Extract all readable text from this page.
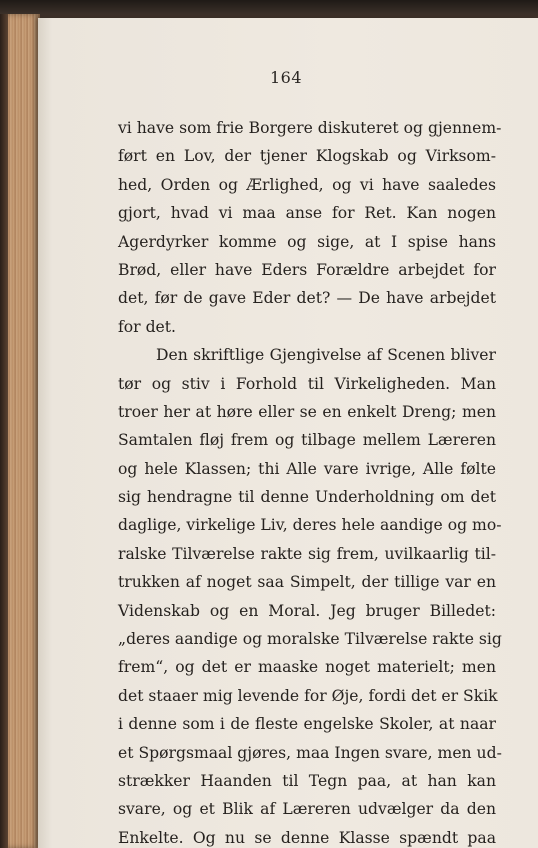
164
vi have som frie Borgere diskuteret og gjennem-
ført en Lov, der tjener Klogskab og Virksom-
hed, Orden og Ærlighed, og vi have saaledes
gjort, hvad vi maa anse for Ret. Kan nogen
Agerdyrker komme og sige, at I spise hans
Brød, eller have Eders Forældre arbejdet for
det, før de gave Eder det? — De have arbejdet
for det.
Den skriftlige Gjengivelse af Scenen bliver
tør og stiv i Forhold til Virkeligheden. Man
troer her at høre eller se en enkelt Dreng; men
Samtalen fløj frem og tilbage mellem Læreren
og hele Klassen; thi Alle vare ivrige, Alle følte
sig hendragne til denne Underholdning om det
daglige, virkelige Liv, deres hele aandige og mo-
ralske Tilværelse rakte sig frem, uvilkaarlig til-
trukken af noget saa Simpelt, der tillige var en
Videnskab og en Moral. Jeg bruger Billedet:
„deres aandige og moralske Tilværelse rakte sig
frem“, og det er maaske noget materielt; men
det staaer mig levende for Øje, fordi det er Skik
i denne som i de fleste engelske Skoler, at naar
et Spørgsmaal gjøres, maa Ingen svare, men ud-
strækker Haanden til Tegn paa, at han kan
svare, og et Blik af Læreren udvælger da den
Enkelte. Og nu se denne Klasse spændt paa
